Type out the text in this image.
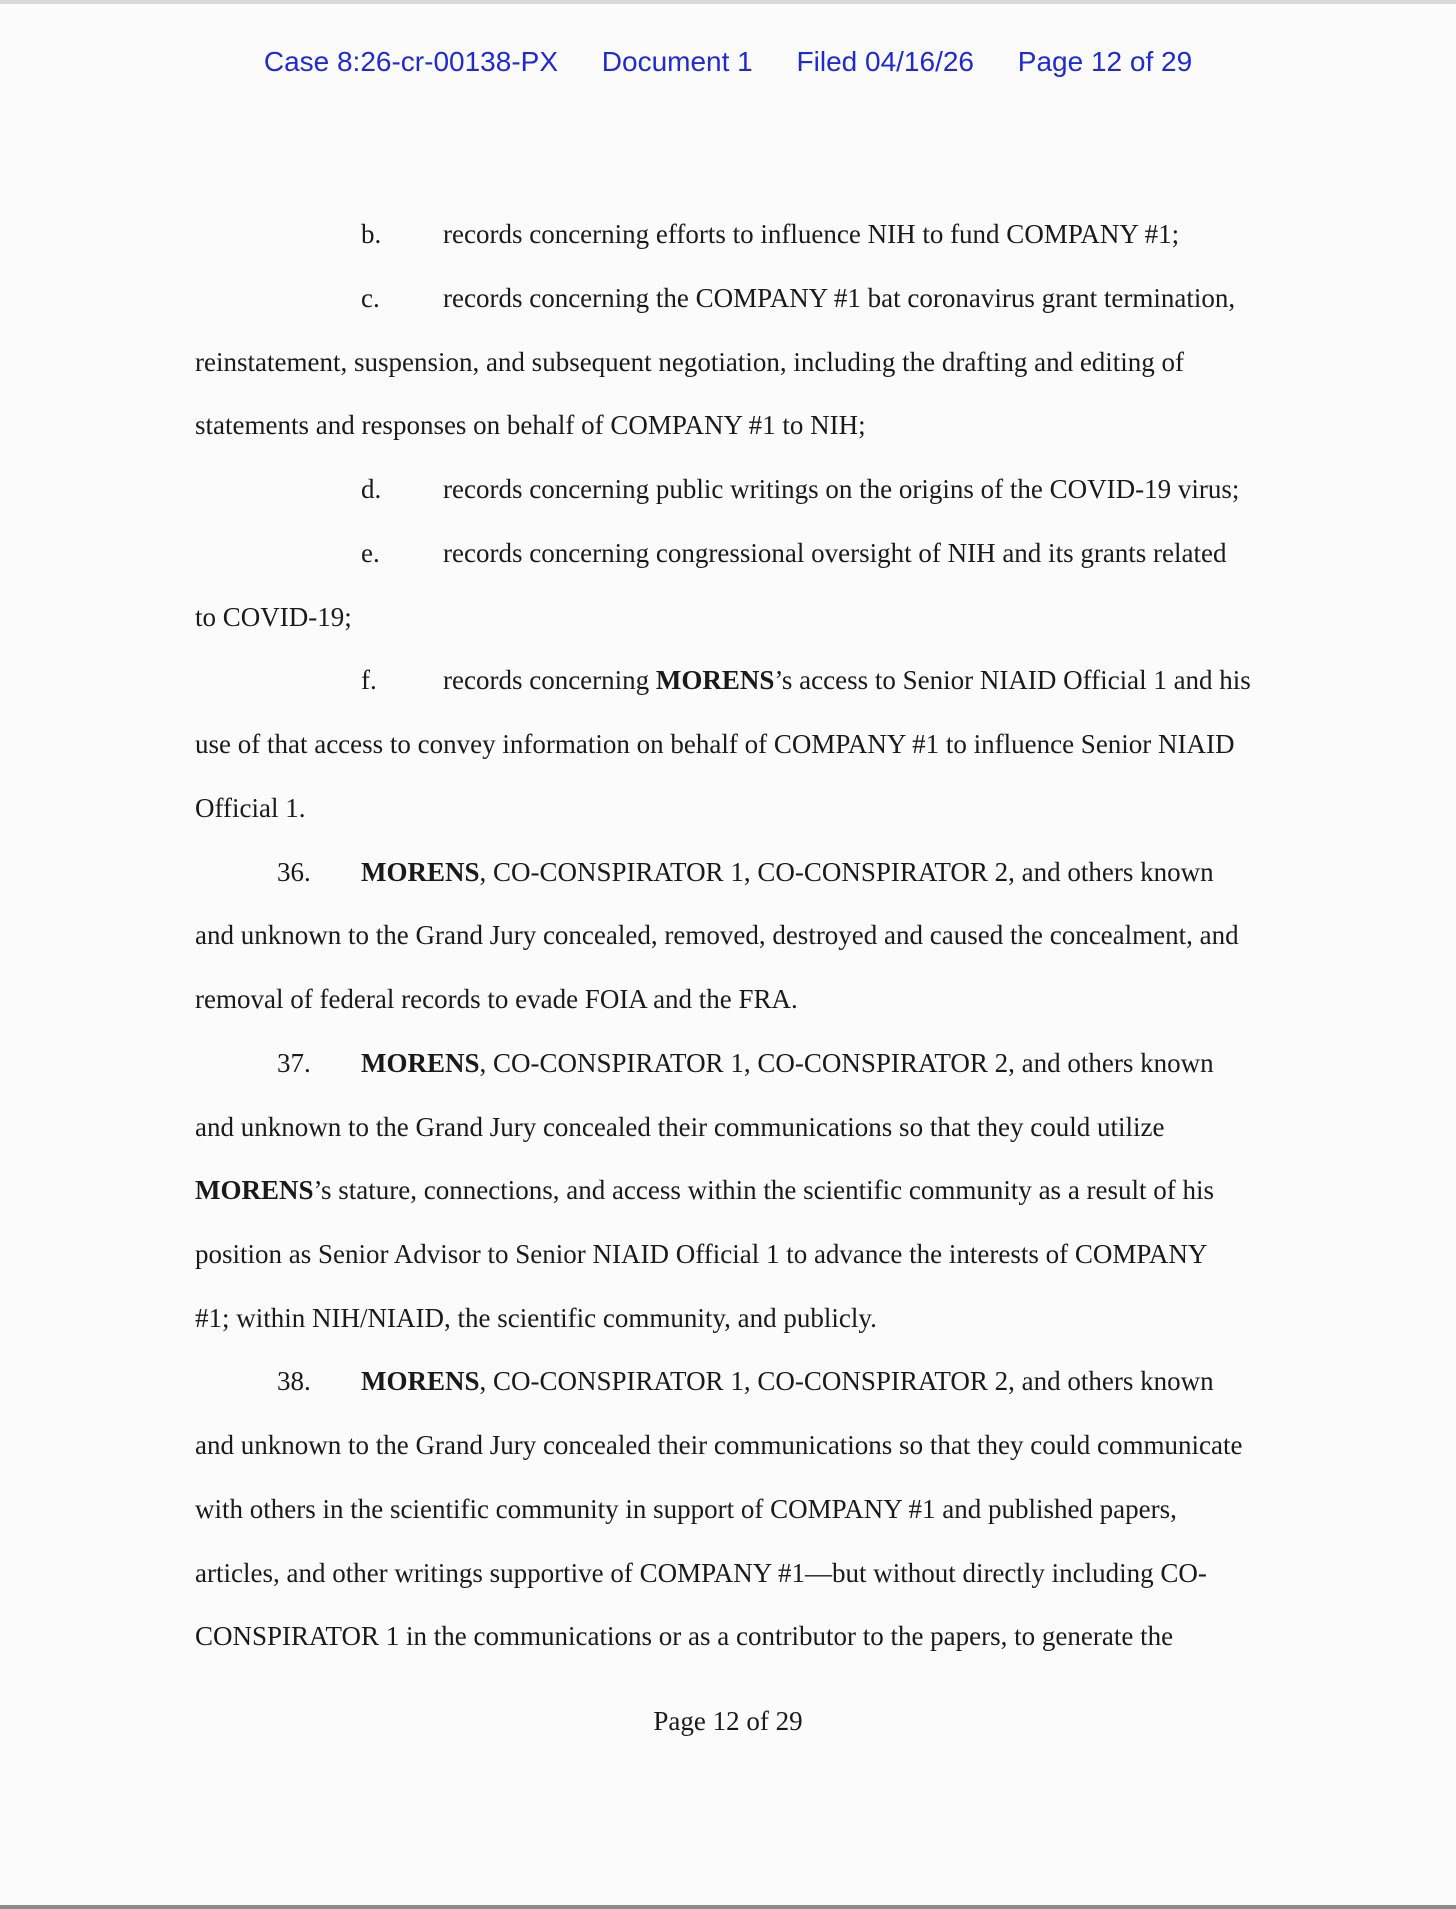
Case 8:26-cr-00138-PX Document 1 Filed 04/16/26 Page 12 of 29
b. records concerning efforts to influence NIH to fund COMPANY #1;
c. records concerning the COMPANY #1 bat coronavirus grant termination,
reinstatement, suspension, and subsequent negotiation, including the drafting and editing of
statements and responses on behalf of COMPANY #1 to NIH;
d. records concerning public writings on the origins of the COVID-19 virus;
e. records concerning congressional oversight of NIH and its grants related
to COVID-19;
f. records concerning MORENS’s access to Senior NIAID Official 1 and his
use of that access to convey information on behalf of COMPANY #1 to influence Senior NIAID
Official 1.
36. MORENS, CO-CONSPIRATOR 1, CO-CONSPIRATOR 2, and others known
and unknown to the Grand Jury concealed, removed, destroyed and caused the concealment, and
removal of federal records to evade FOIA and the FRA.
37. MORENS, CO-CONSPIRATOR 1, CO-CONSPIRATOR 2, and others known
and unknown to the Grand Jury concealed their communications so that they could utilize
MORENS’s stature, connections, and access within the scientific community as a result of his
position as Senior Advisor to Senior NIAID Official 1 to advance the interests of COMPANY
#1; within NIH/NIAID, the scientific community, and publicly.
38. MORENS, CO-CONSPIRATOR 1, CO-CONSPIRATOR 2, and others known
and unknown to the Grand Jury concealed their communications so that they could communicate
with others in the scientific community in support of COMPANY #1 and published papers,
articles, and other writings supportive of COMPANY #1—but without directly including CO-
CONSPIRATOR 1 in the communications or as a contributor to the papers, to generate the
Page 12 of 29
